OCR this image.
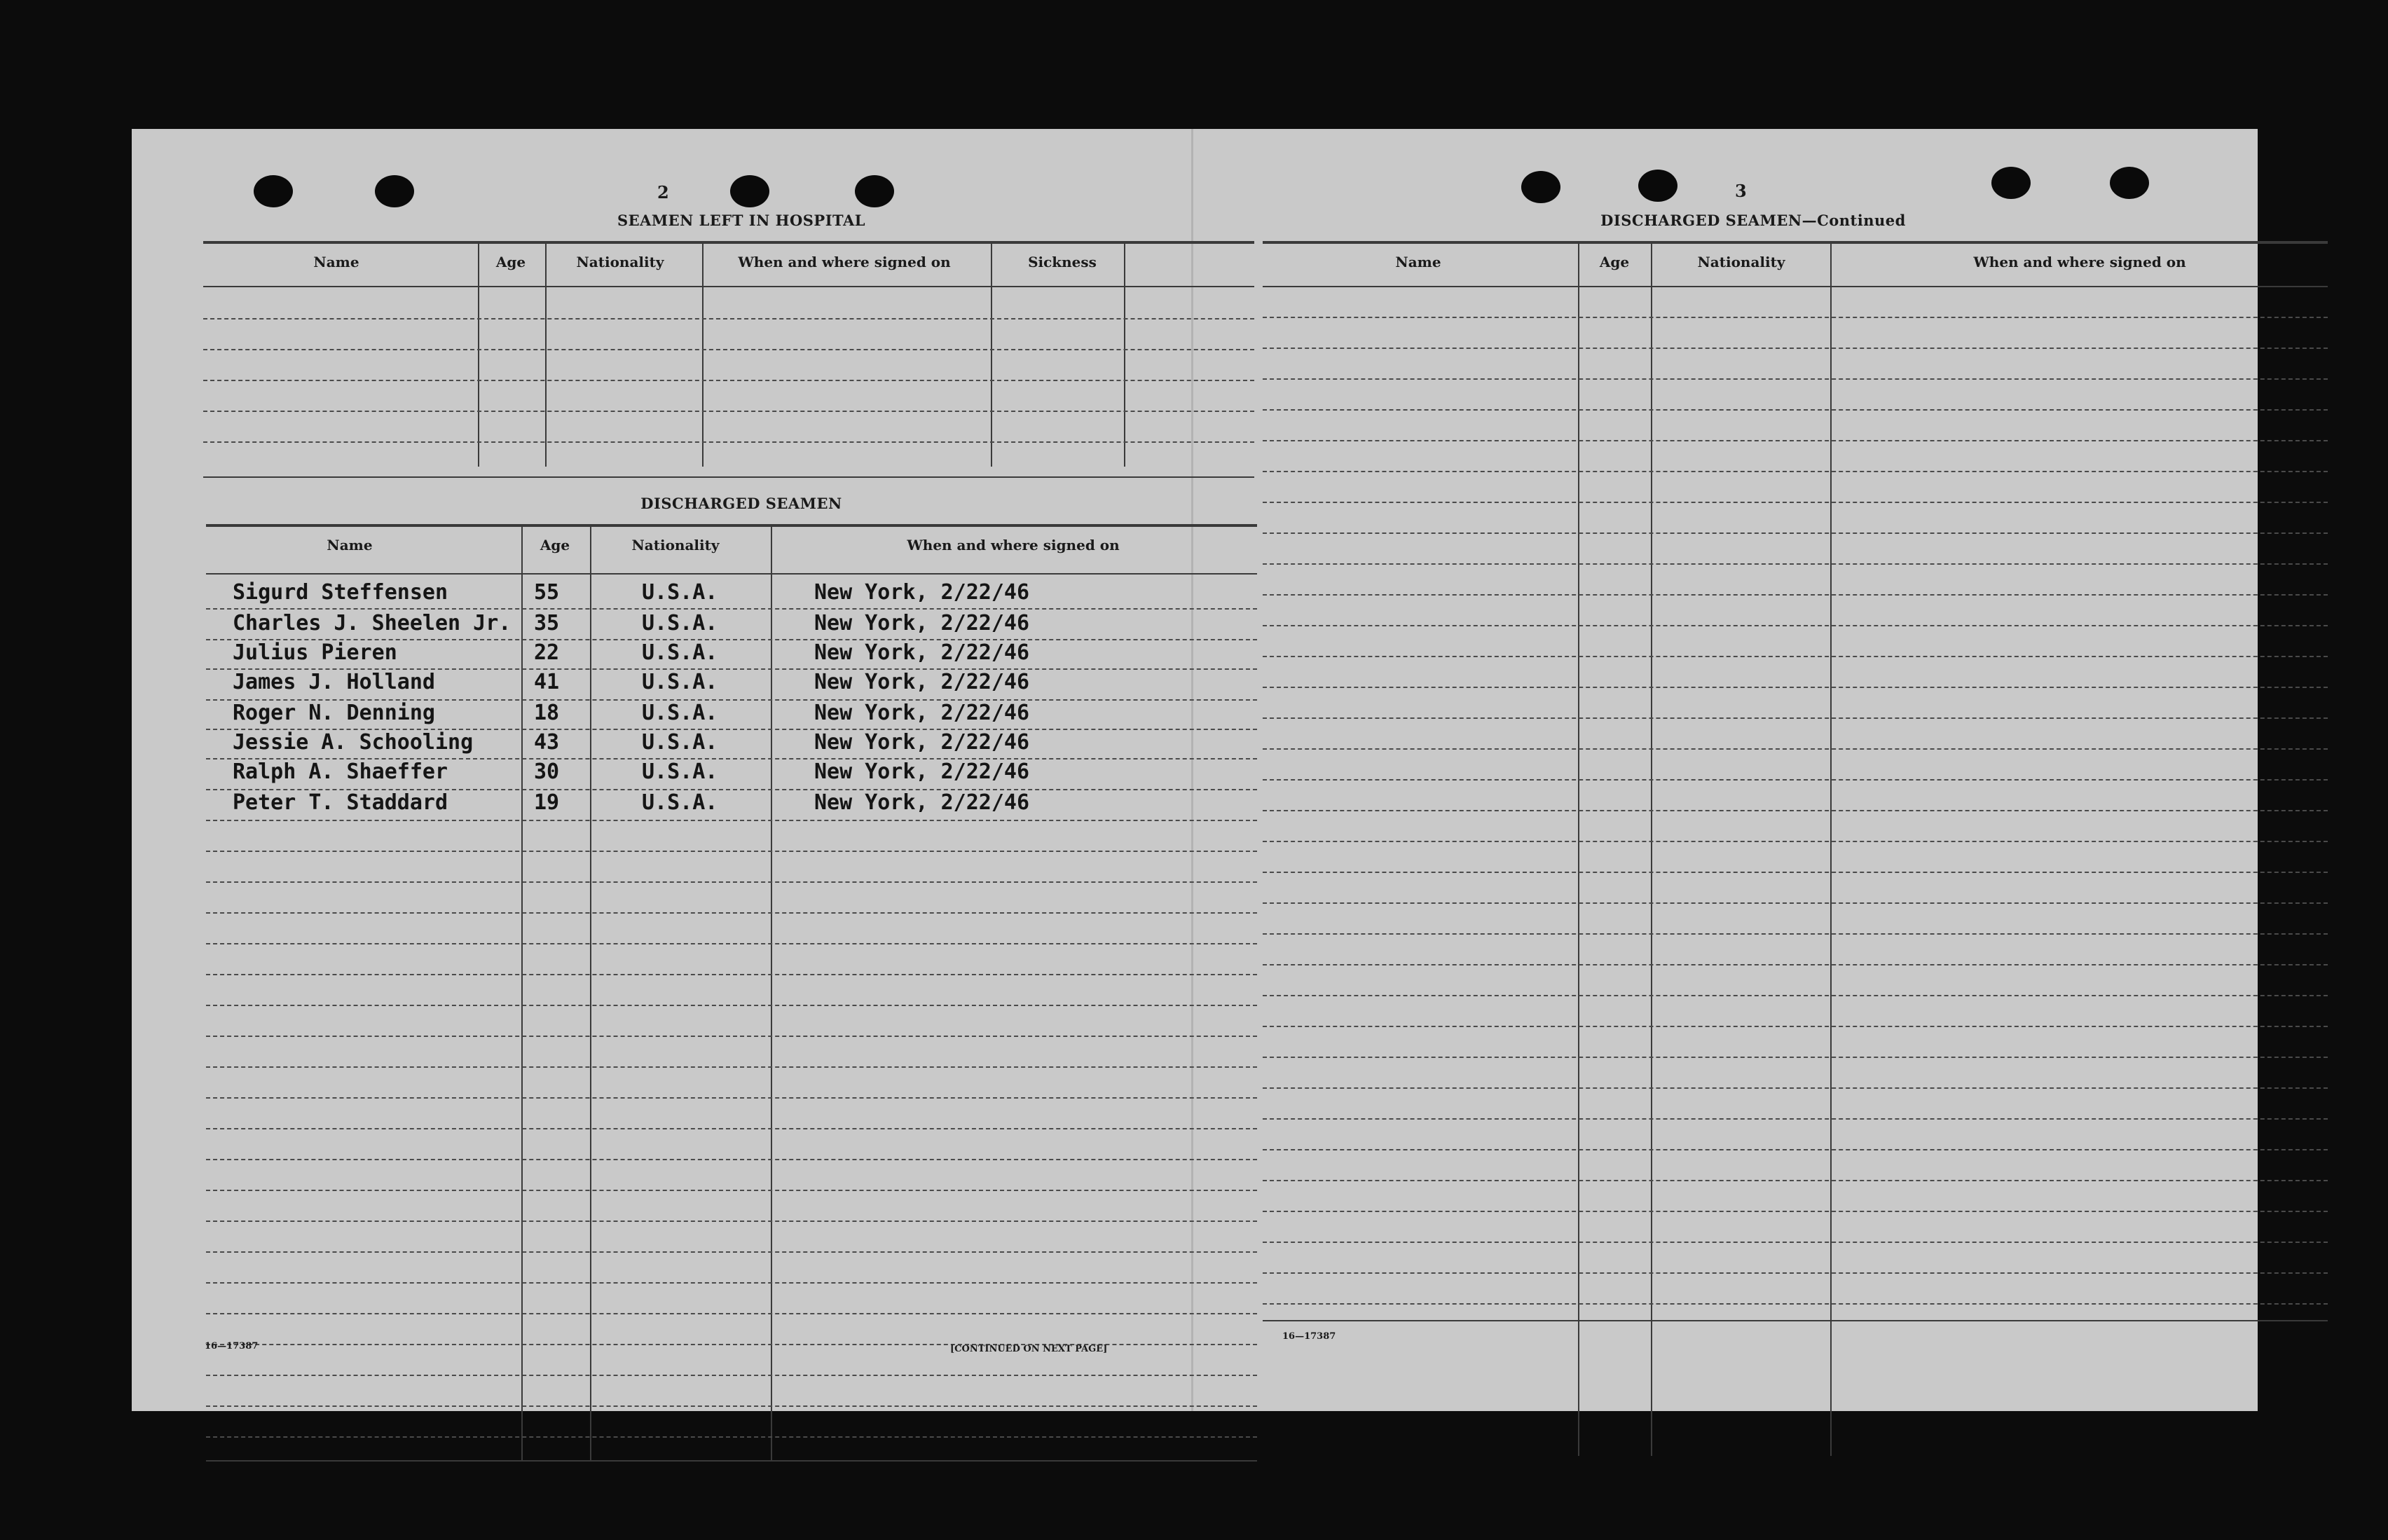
2
SEAMEN LEFT IN HOSPITAL
Name	Age	Nationality	When and where signed on	Sickness
DISCHARGED SEAMEN
Name	Age	Nationality	When and where signed on
Sigurd Steffensen	55	U.S.A.	New York, 2/22/46
Charles J. Sheelen Jr. 35	U.S.A.	New York, 2/22/46
Julius Pieren	22	U.S.A.	New York, 2/22/46
James J. Holland	41	U.S.A.	New York, 2/22/46
Roger N. Denning	18	U.S.A.	New York, 2/22/46
Jessie A. Schooling	43	U.S.A.	New York, 2/22/46
Ralph A. Shaeffer	30	U.S.A.	New York, 2/22/46
Peter T. Staddard	19	U.S.A.	New York, 2/22/46
16—17387	[CONTINUED ON NEXT PAGE]
3
DISCHARGED SEAMEN—Continued
Name	Age	Nationality	When and where signed on
16—17387
